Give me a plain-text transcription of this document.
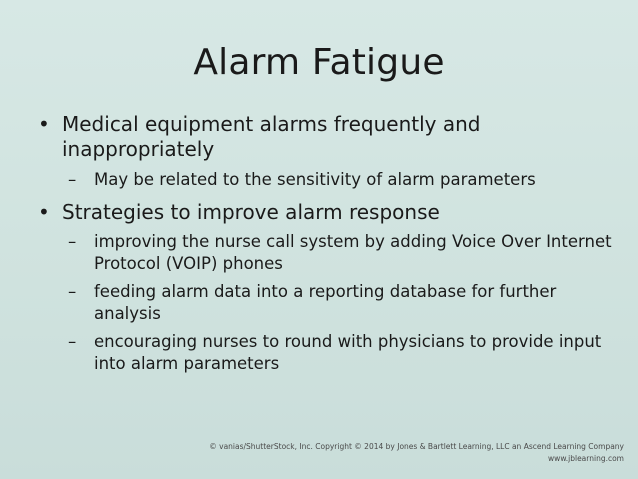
Alarm Fatigue
• Medical equipment alarms frequently and inappropriately
– May be related to the sensitivity of alarm parameters
• Strategies to improve alarm response
– improving the nurse call system by adding Voice Over Internet Protocol (VOIP) phones
– feeding alarm data into a reporting database for further analysis
– encouraging nurses to round with physicians to provide input into alarm parameters
© vanias/ShutterStock, Inc. Copyright © 2014 by Jones & Bartlett Learning, LLC an Ascend Learning Company
www.jblearning.com
